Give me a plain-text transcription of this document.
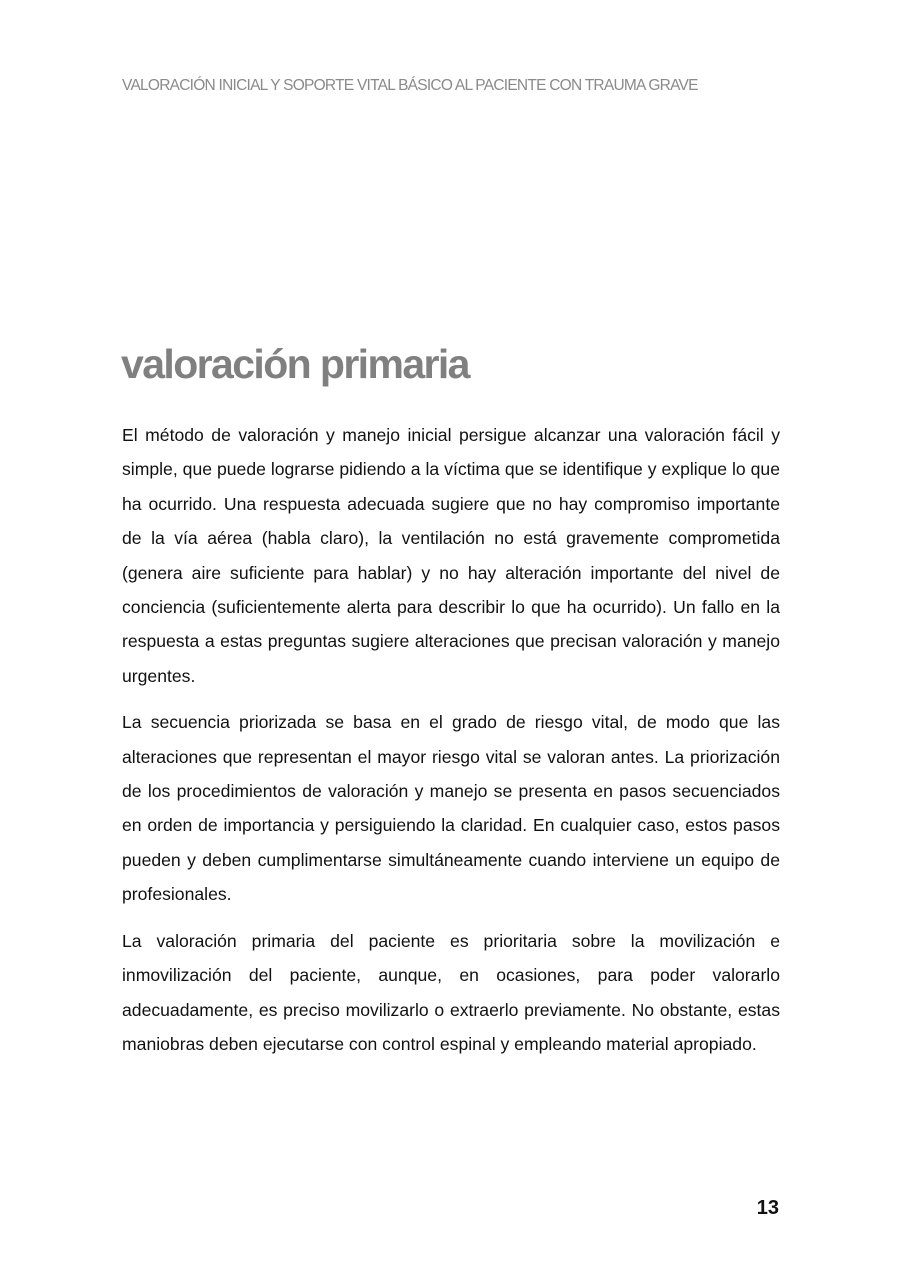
VALORACIÓN INICIAL Y SOPORTE VITAL BÁSICO AL PACIENTE CON TRAUMA GRAVE
valoración primaria

El método de valoración y manejo inicial persigue alcanzar una valoración fácil y simple, que puede lograrse pidiendo a la víctima que se identifique y explique lo que ha ocurrido. Una respuesta adecuada sugiere que no hay compromiso importante de la vía aérea (habla claro), la ventilación no está gravemente comprometida (genera aire suficiente para hablar) y no hay alteración importante del nivel de conciencia (suficientemente alerta para describir lo que ha ocurrido). Un fallo en la respuesta a estas preguntas sugiere alteraciones que precisan valoración y manejo urgentes.

La secuencia priorizada se basa en el grado de riesgo vital, de modo que las alteraciones que representan el mayor riesgo vital se valoran antes. La priorización de los procedimientos de valoración y manejo se presenta en pasos secuenciados en orden de importancia y persiguiendo la claridad. En cualquier caso, estos pasos pueden y deben cumplimentarse simultáneamente cuando interviene un equipo de profesionales.

La valoración primaria del paciente es prioritaria sobre la movilización e inmovilización del paciente, aunque, en ocasiones, para poder valorarlo adecuadamente, es preciso movilizarlo o extraerlo previamente. No obstante, estas maniobras deben ejecutarse con control espinal y empleando material apropiado.

13
